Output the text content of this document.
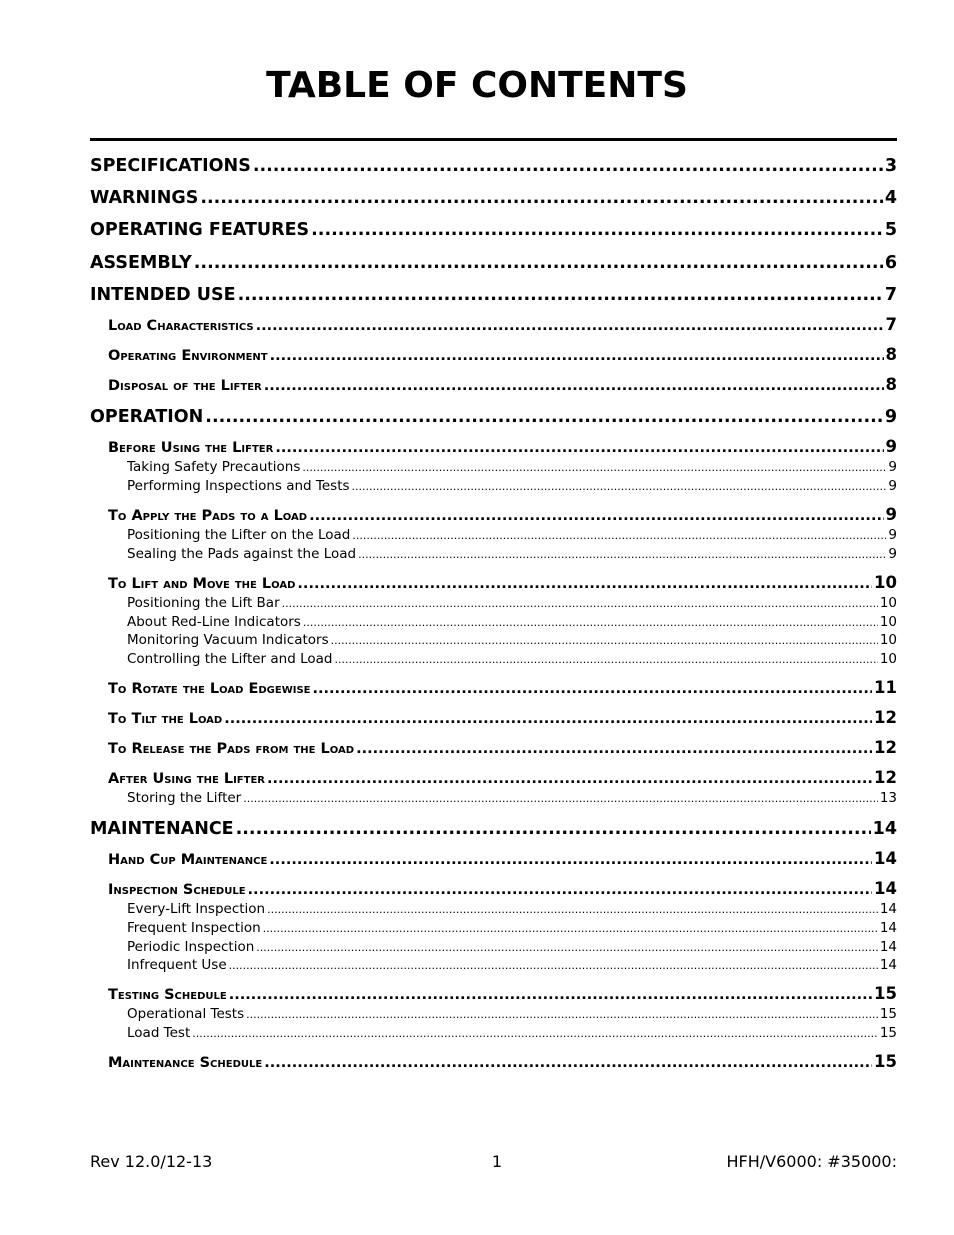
TABLE OF CONTENTS
SPECIFICATIONS .....	3
WARNINGS .....	4
OPERATING FEATURES .....	5
ASSEMBLY .....	6
INTENDED USE .....	7
Load Characteristics .....	7
Operating Environment .....	8
Disposal of the Lifter .....	8
OPERATION .....	9
Before Using the Lifter .....	9
Taking Safety Precautions .....	9
Performing Inspections and Tests .....	9
To Apply the Pads to a Load .....	9
Positioning the Lifter on the Load .....	9
Sealing the Pads against the Load .....	9
To Lift and Move the Load .....	10
Positioning the Lift Bar .....	10
About Red-Line Indicators .....	10
Monitoring Vacuum Indicators .....	10
Controlling the Lifter and Load .....	10
To Rotate the Load Edgewise .....	11
To Tilt the Load .....	12
To Release the Pads from the Load .....	12
After Using the Lifter .....	12
Storing the Lifter .....	13
MAINTENANCE .....	14
Hand Cup Maintenance .....	14
Inspection Schedule .....	14
Every-Lift Inspection .....	14
Frequent Inspection .....	14
Periodic Inspection .....	14
Infrequent Use .....	14
Testing Schedule .....	15
Operational Tests .....	15
Load Test .....	15
Maintenance Schedule .....	15
Rev 12.0/12-13	1	HFH/V6000: #35000:
